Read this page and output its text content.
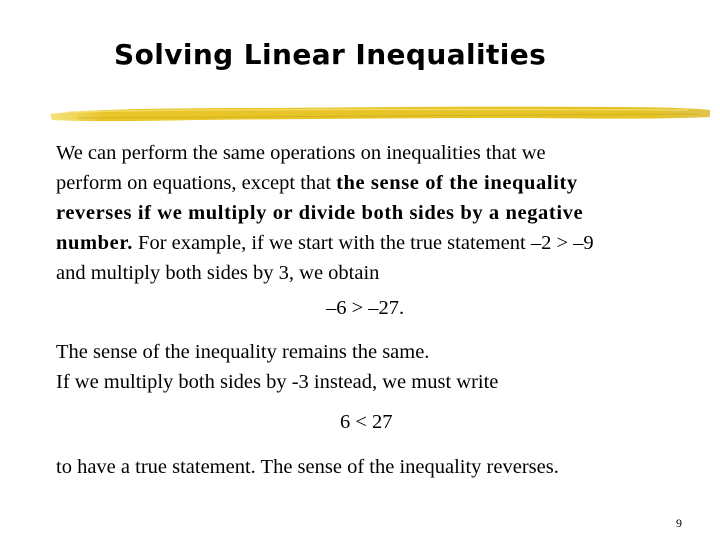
Solving Linear Inequalities
We can perform the same operations on inequalities that we
perform on equations, except that the sense of the inequality
reverses if we multiply or divide both sides by a negative
number. For example, if we start with the true statement –2 > –9
and multiply both sides by 3, we obtain
–6 > –27.
The sense of the inequality remains the same.
If we multiply both sides by -3 instead, we must write
6 < 27
to have a true statement. The sense of the inequality reverses.
9
